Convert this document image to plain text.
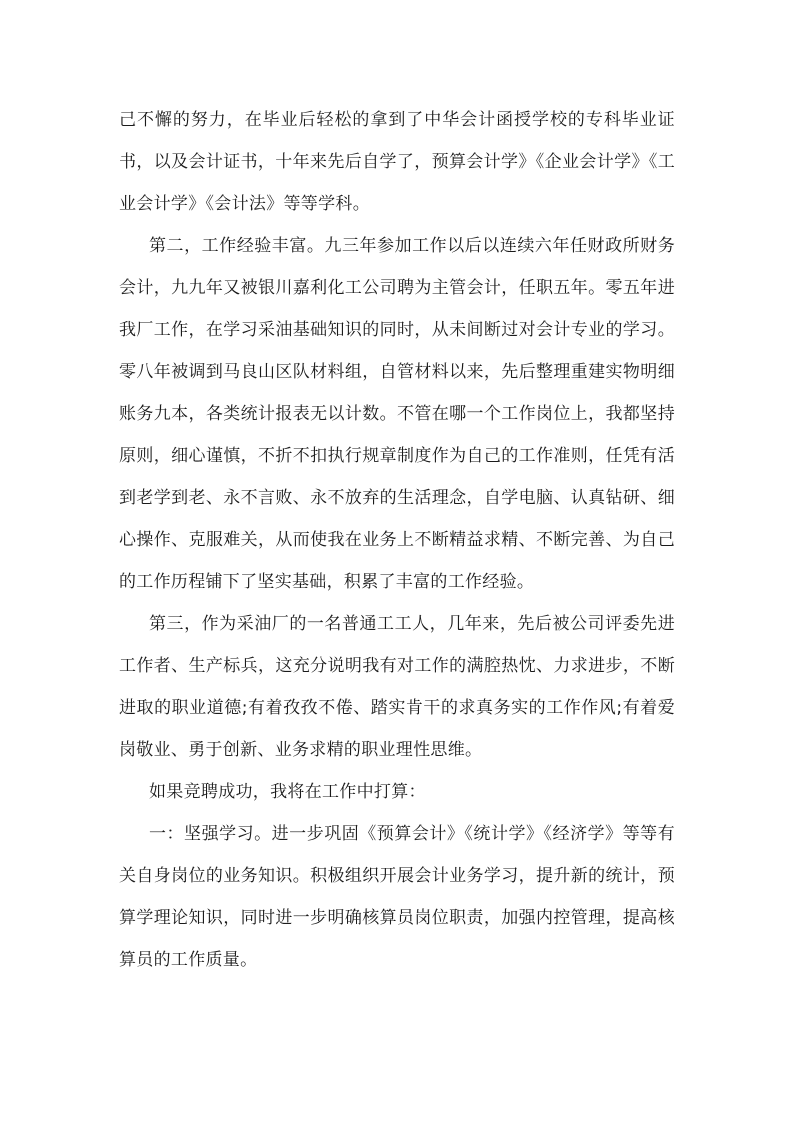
己不懈的努力，在毕业后轻松的拿到了中华会计函授学校的专科毕业证书，以及会计证书，十年来先后自学了，预算会计学》《企业会计学》《工业会计学》《会计法》等等学科。

第二，工作经验丰富。九三年参加工作以后以连续六年任财政所财务会计，九九年又被银川嘉利化工公司聘为主管会计，任职五年。零五年进我厂工作，在学习采油基础知识的同时，从未间断过对会计专业的学习。零八年被调到马良山区队材料组，自管材料以来，先后整理重建实物明细账务九本，各类统计报表无以计数。不管在哪一个工作岗位上，我都坚持原则，细心谨慎，不折不扣执行规章制度作为自己的工作准则，任凭有活到老学到老、永不言败、永不放弃的生活理念，自学电脑、认真钻研、细心操作、克服难关，从而使我在业务上不断精益求精、不断完善、为自己的工作历程铺下了坚实基础，积累了丰富的工作经验。

第三，作为采油厂的一名普通工工人，几年来，先后被公司评委先进工作者、生产标兵，这充分说明我有对工作的满腔热忱、力求进步，不断进取的职业道德;有着孜孜不倦、踏实肯干的求真务实的工作作风;有着爱岗敬业、勇于创新、业务求精的职业理性思维。

如果竞聘成功，我将在工作中打算：

一：坚强学习。进一步巩固《预算会计》《统计学》《经济学》等等有关自身岗位的业务知识。积极组织开展会计业务学习，提升新的统计，预算学理论知识，同时进一步明确核算员岗位职责，加强内控管理，提高核算员的工作质量。
